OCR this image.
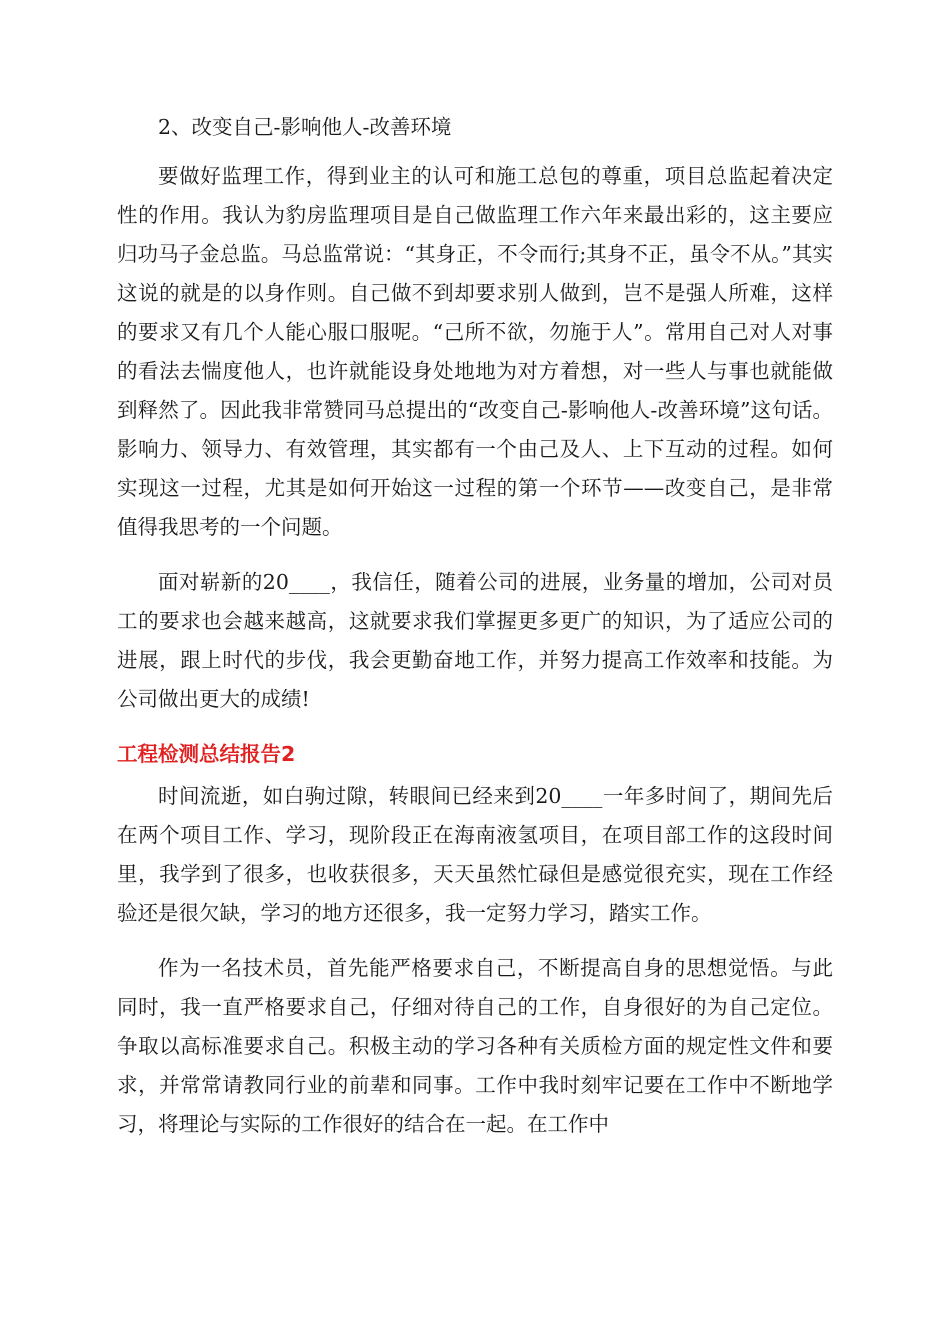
2、改变自己-影响他人-改善环境

要做好监理工作，得到业主的认可和施工总包的尊重，项目总监起着决定性的作用。我认为豹房监理项目是自己做监理工作六年来最出彩的，这主要应归功马子金总监。马总监常说：“其身正，不令而行;其身不正，虽令不从。”其实这说的就是的以身作则。自己做不到却要求别人做到，岂不是强人所难，这样的要求又有几个人能心服口服呢。“己所不欲，勿施于人”。常用自己对人对事的看法去惴度他人，也许就能设身处地地为对方着想，对一些人与事也就能做到释然了。因此我非常赞同马总提出的“改变自己-影响他人-改善环境”这句话。影响力、领导力、有效管理，其实都有一个由己及人、上下互动的过程。如何实现这一过程，尤其是如何开始这一过程的第一个环节——改变自己，是非常值得我思考的一个问题。

面对崭新的20____，我信任，随着公司的进展，业务量的增加，公司对员工的要求也会越来越高，这就要求我们掌握更多更广的知识，为了适应公司的进展，跟上时代的步伐，我会更勤奋地工作，并努力提高工作效率和技能。为公司做出更大的成绩!

工程检测总结报告2

时间流逝，如白驹过隙，转眼间已经来到20____一年多时间了，期间先后在两个项目工作、学习，现阶段正在海南液氢项目，在项目部工作的这段时间里，我学到了很多，也收获很多，天天虽然忙碌但是感觉很充实，现在工作经验还是很欠缺，学习的地方还很多，我一定努力学习，踏实工作。

作为一名技术员，首先能严格要求自己，不断提高自身的思想觉悟。与此同时，我一直严格要求自己，仔细对待自己的工作，自身很好的为自己定位。争取以高标准要求自己。积极主动的学习各种有关质检方面的规定性文件和要求，并常常请教同行业的前辈和同事。工作中我时刻牢记要在工作中不断地学习，将理论与实际的工作很好的结合在一起。在工作中
